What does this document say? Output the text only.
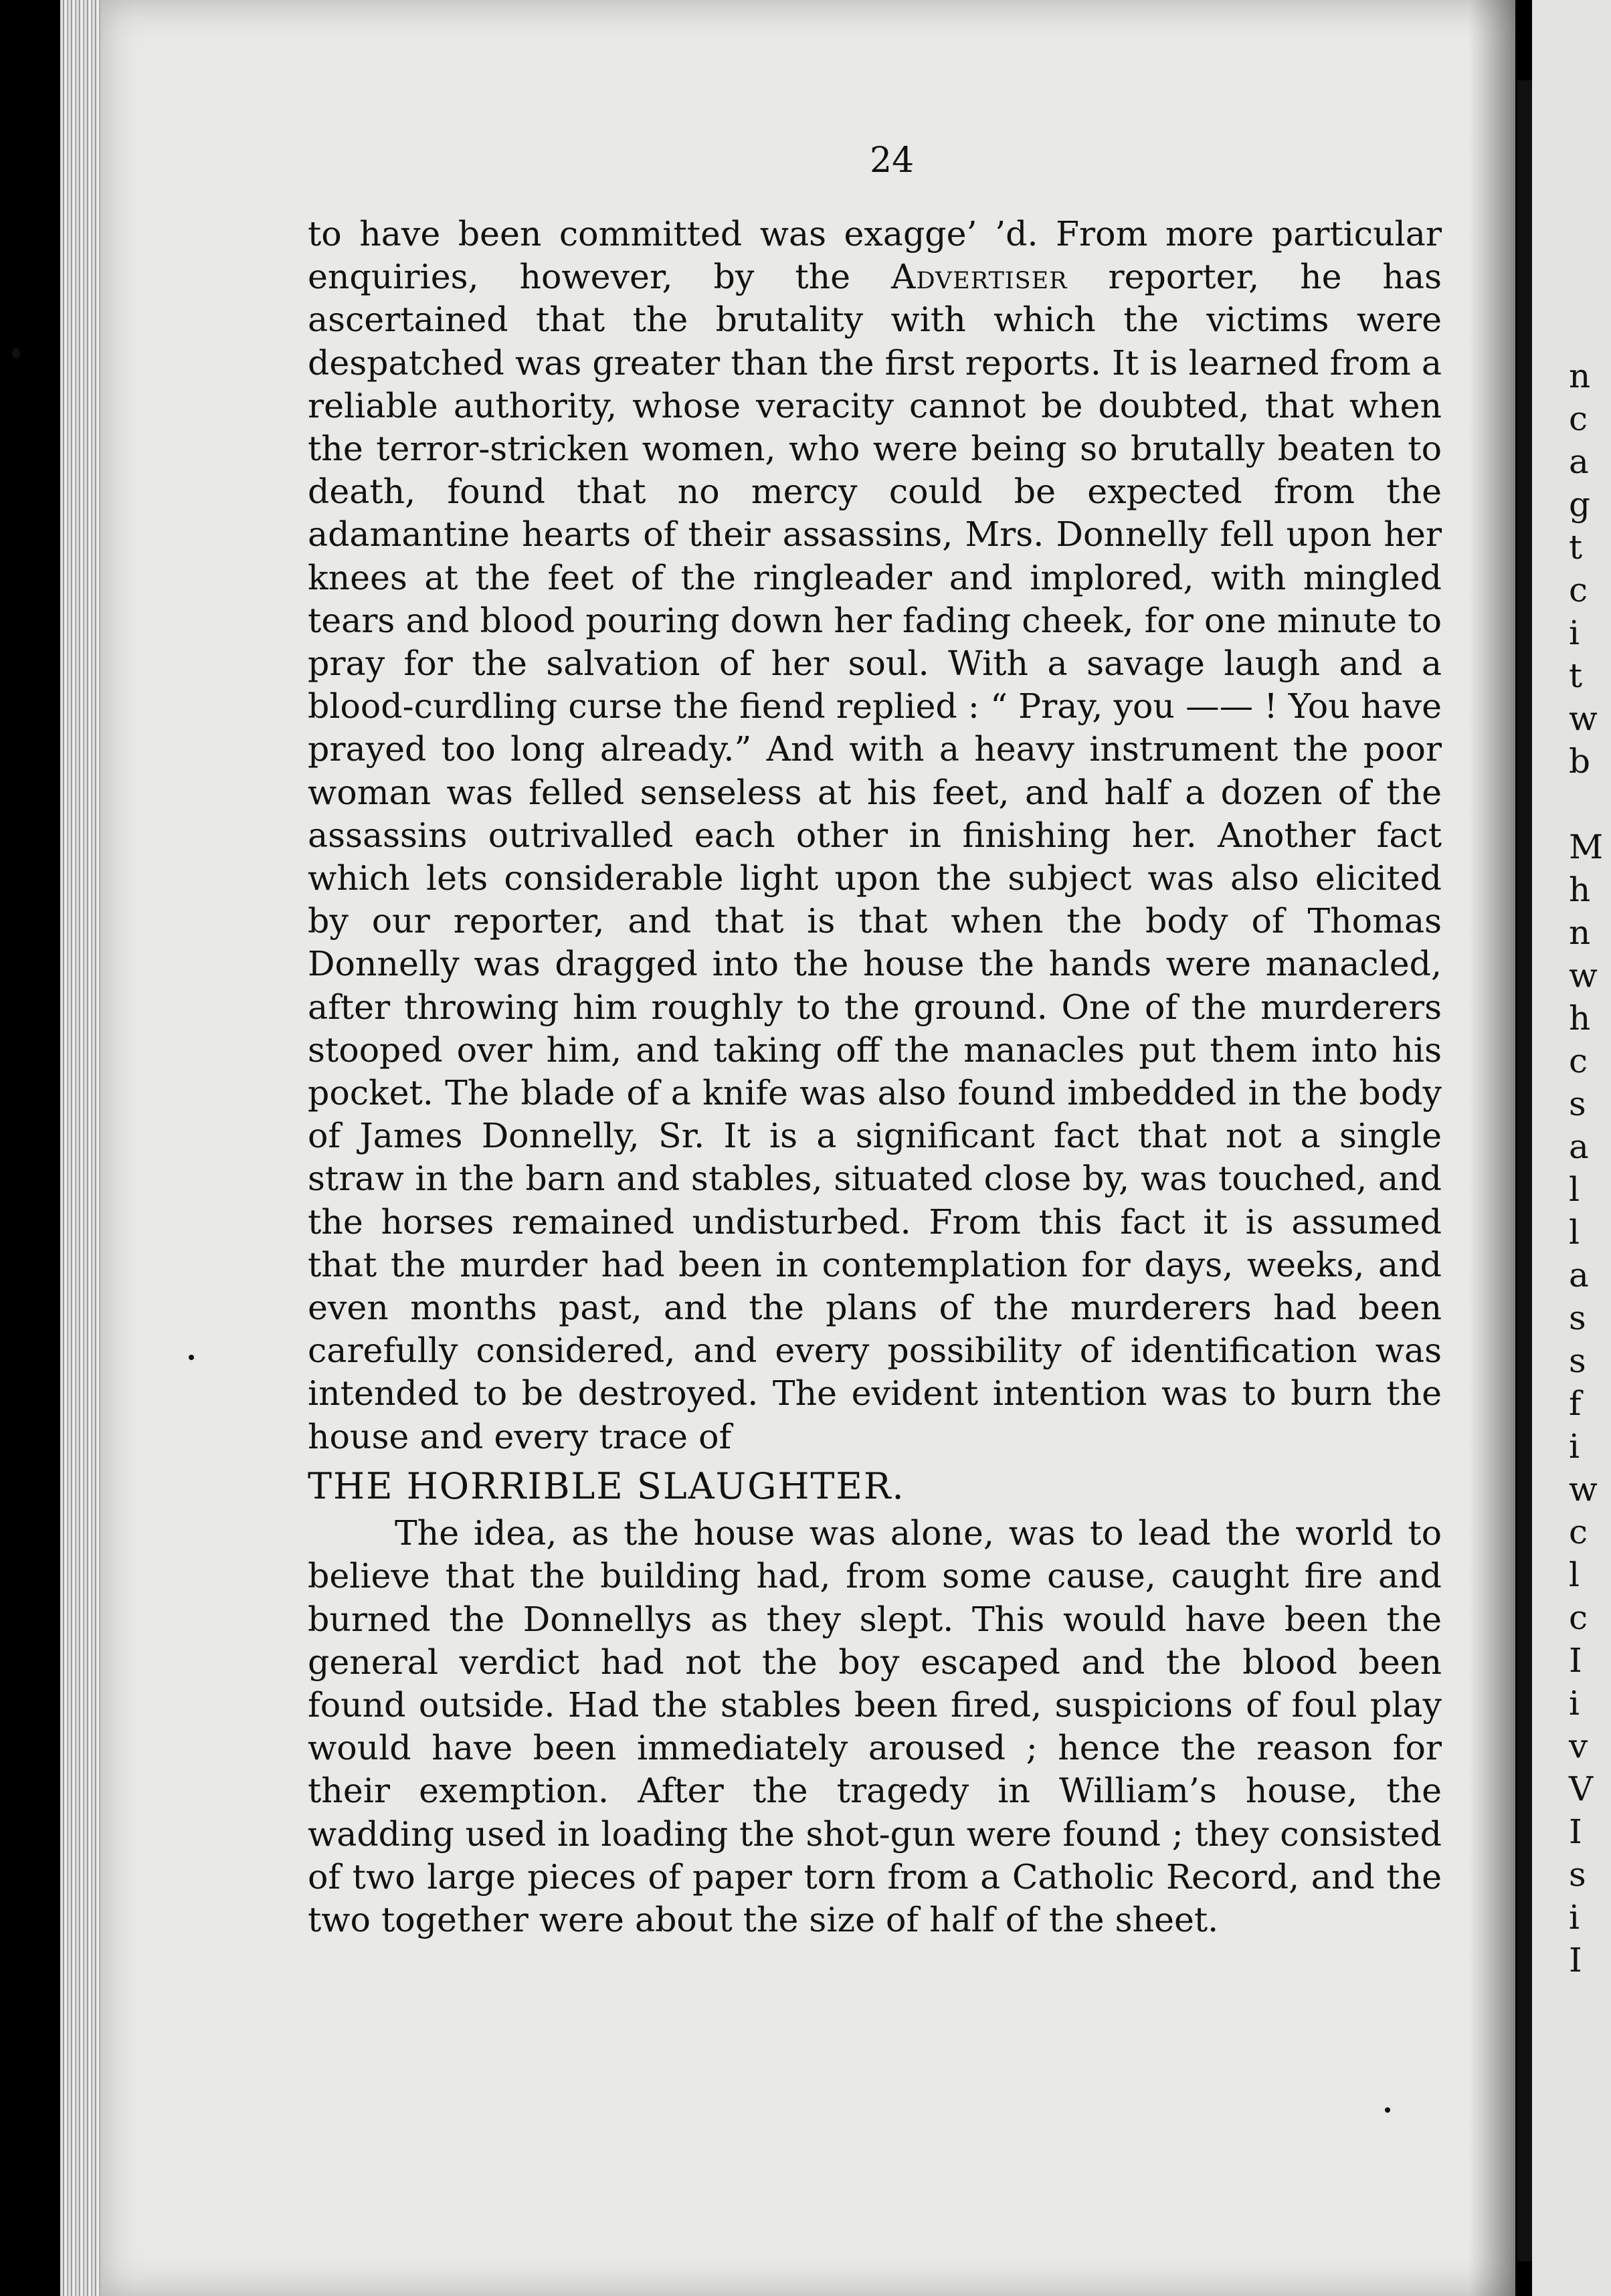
n
c
a
g
t
c
i
t
w
b
M
h
n
w
h
c
s
a
l
l
a
s
s
f
i
w
c
l
c
I
i
v
V
I
s
i
I
24

to have been committed was exagge’ ’d. From more particular enquiries, however, by the Advertiser reporter, he has ascertained that the brutality with which the victims were despatched was greater than the first reports. It is learned from a reliable authority, whose veracity cannot be doubted, that when the terror-stricken women, who were being so brutally beaten to death, found that no mercy could be expected from the adamantine hearts of their assassins, Mrs. Donnelly fell upon her knees at the feet of the ringleader and implored, with mingled tears and blood pouring down her fading cheek, for one minute to pray for the salvation of her soul. With a savage laugh and a blood-curdling curse the fiend replied : “ Pray, you —— ! You have prayed too long already.” And with a heavy instrument the poor woman was felled senseless at his feet, and half a dozen of the assassins outrivalled each other in finishing her. Another fact which lets considerable light upon the subject was also elicited by our reporter, and that is that when the body of Thomas Donnelly was dragged into the house the hands were manacled, after throwing him roughly to the ground. One of the murderers stooped over him, and taking off the manacles put them into his pocket. The blade of a knife was also found imbedded in the body of James Donnelly, Sr. It is a significant fact that not a single straw in the barn and stables, situated close by, was touched, and the horses remained undisturbed. From this fact it is assumed that the murder had been in contemplation for days, weeks, and even months past, and the plans of the murderers had been carefully considered, and every possibility of identification was intended to be destroyed. The evident intention was to burn the house and every trace of

THE HORRIBLE SLAUGHTER.

The idea, as the house was alone, was to lead the world to believe that the building had, from some cause, caught fire and burned the Donnellys as they slept. This would have been the general verdict had not the boy escaped and the blood been found outside. Had the stables been fired, suspicions of foul play would have been immediately aroused ; hence the reason for their exemption. After the tragedy in William’s house, the wadding used in loading the shot-gun were found ; they consisted of two large pieces of paper torn from a Catholic Record, and the two together were about the size of half of the sheet.
